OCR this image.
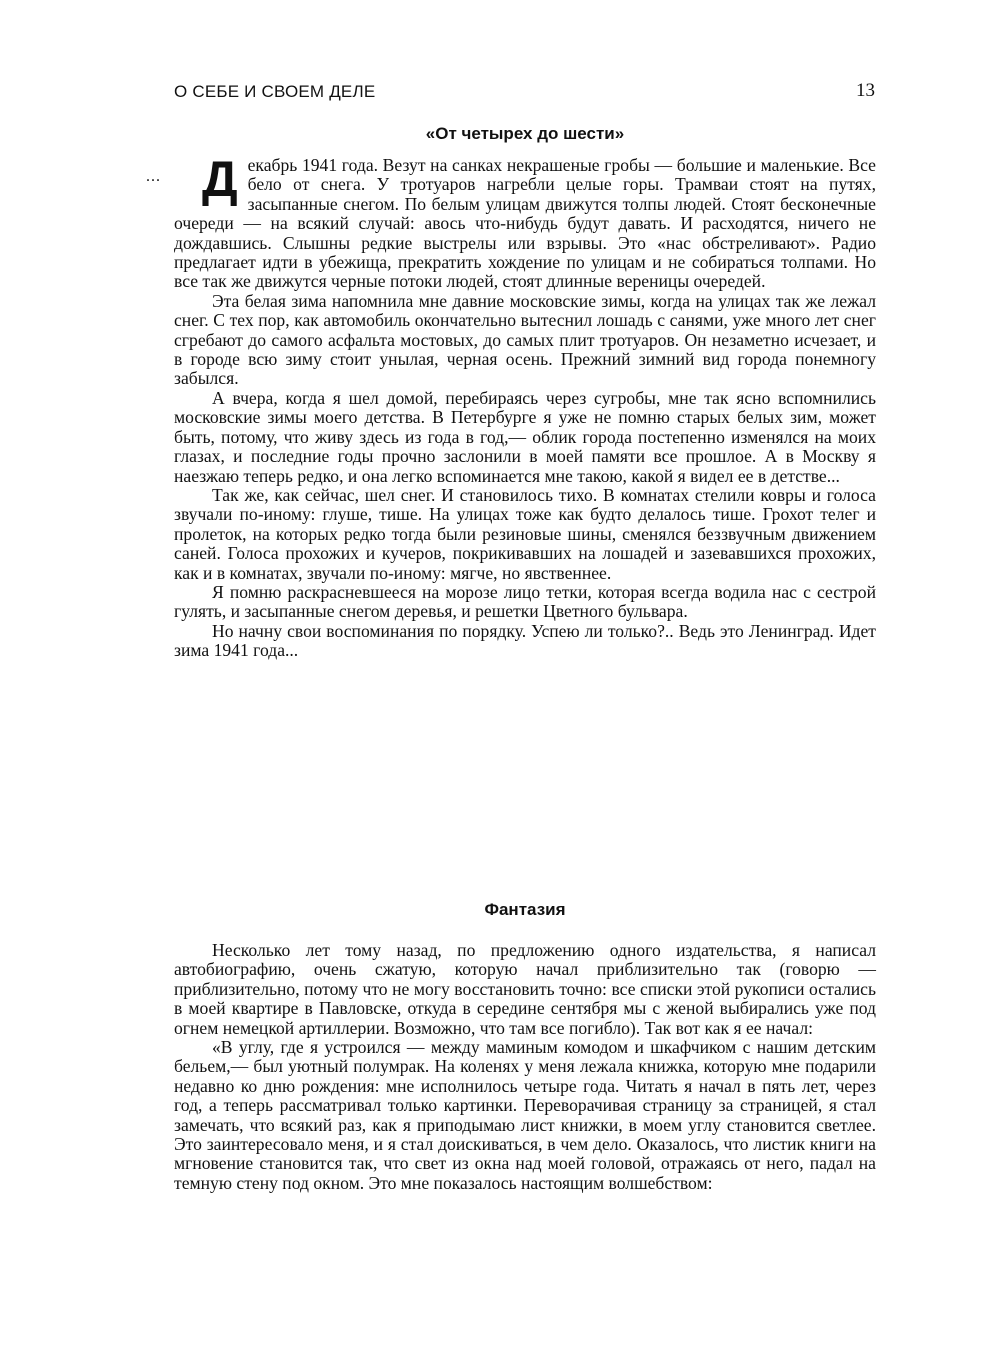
О СЕБЕ И СВОЕМ ДЕЛЕ	13
«От четырех до шести»

... Д екабрь 1941 года. Везут на санках некрашеные гробы — большие и маленькие. Все бело от снега. У тротуаров нагребли целые горы. Трамваи стоят на путях, засыпанные снегом. По белым улицам движутся толпы людей. Стоят бесконечные очереди — на всякий случай: авось что-нибудь будут давать. И расходятся, ничего не дождавшись. Слышны редкие выстрелы или взрывы. Это «нас обстреливают». Радио предлагает идти в убежища, прекратить хождение по улицам и не собираться толпами. Но все так же движутся черные потоки людей, стоят длинные вереницы очередей.

Эта белая зима напомнила мне давние московские зимы, когда на улицах так же лежал снег. С тех пор, как автомобиль окончательно вытеснил лошадь с санями, уже много лет снег сгребают до самого асфальта мостовых, до самых плит тротуаров. Он незаметно исчезает, и в городе всю зиму стоит унылая, черная осень. Прежний зимний вид города понемногу забылся.

А вчера, когда я шел домой, перебираясь через сугробы, мне так ясно вспомнились московские зимы моего детства. В Петербурге я уже не помню старых белых зим, может быть, потому, что живу здесь из года в год,— облик города постепенно изменялся на моих глазах, и последние годы прочно заслонили в моей памяти все прошлое. А в Москву я наезжаю теперь редко, и она легко вспоминается мне такою, какой я видел ее в детстве...

Так же, как сейчас, шел снег. И становилось тихо. В комнатах стелили ковры и голоса звучали по-иному: глуше, тише. На улицах тоже как будто делалось тише. Грохот телег и пролеток, на которых редко тогда были резиновые шины, сменялся беззвучным движением саней. Голоса прохожих и кучеров, покрикивавших на лошадей и зазевавшихся прохожих, как и в комнатах, звучали по-иному: мягче, но явственнее.

Я помню раскрасневшееся на морозе лицо тетки, которая всегда водила нас с сестрой гулять, и засыпанные снегом деревья, и решетки Цветного бульвара.

Но начну свои воспоминания по порядку. Успею ли только?.. Ведь это Ленинград. Идет зима 1941 года...

Фантазия

Несколько лет тому назад, по предложению одного издательства, я написал автобиографию, очень сжатую, которую начал приблизительно так (говорю — приблизительно, потому что не могу восстановить точно: все списки этой рукописи остались в моей квартире в Павловске, откуда в середине сентября мы с женой выбирались уже под огнем немецкой артиллерии. Возможно, что там все погибло). Так вот как я ее начал:

«В углу, где я устроился — между маминым комодом и шкафчиком с нашим детским бельем,— был уютный полумрак. На коленях у меня лежала книжка, которую мне подарили недавно ко дню рождения: мне исполнилось четыре года. Читать я начал в пять лет, через год, а теперь рассматривал только картинки. Переворачивая страницу за страницей, я стал замечать, что всякий раз, как я приподымаю лист книжки, в моем углу становится светлее. Это заинтересовало меня, и я стал доискиваться, в чем дело. Оказалось, что листик книги на мгновение становится так, что свет из окна над моей головой, отражаясь от него, падал на темную стену под окном. Это мне показалось настоящим волшебством:
